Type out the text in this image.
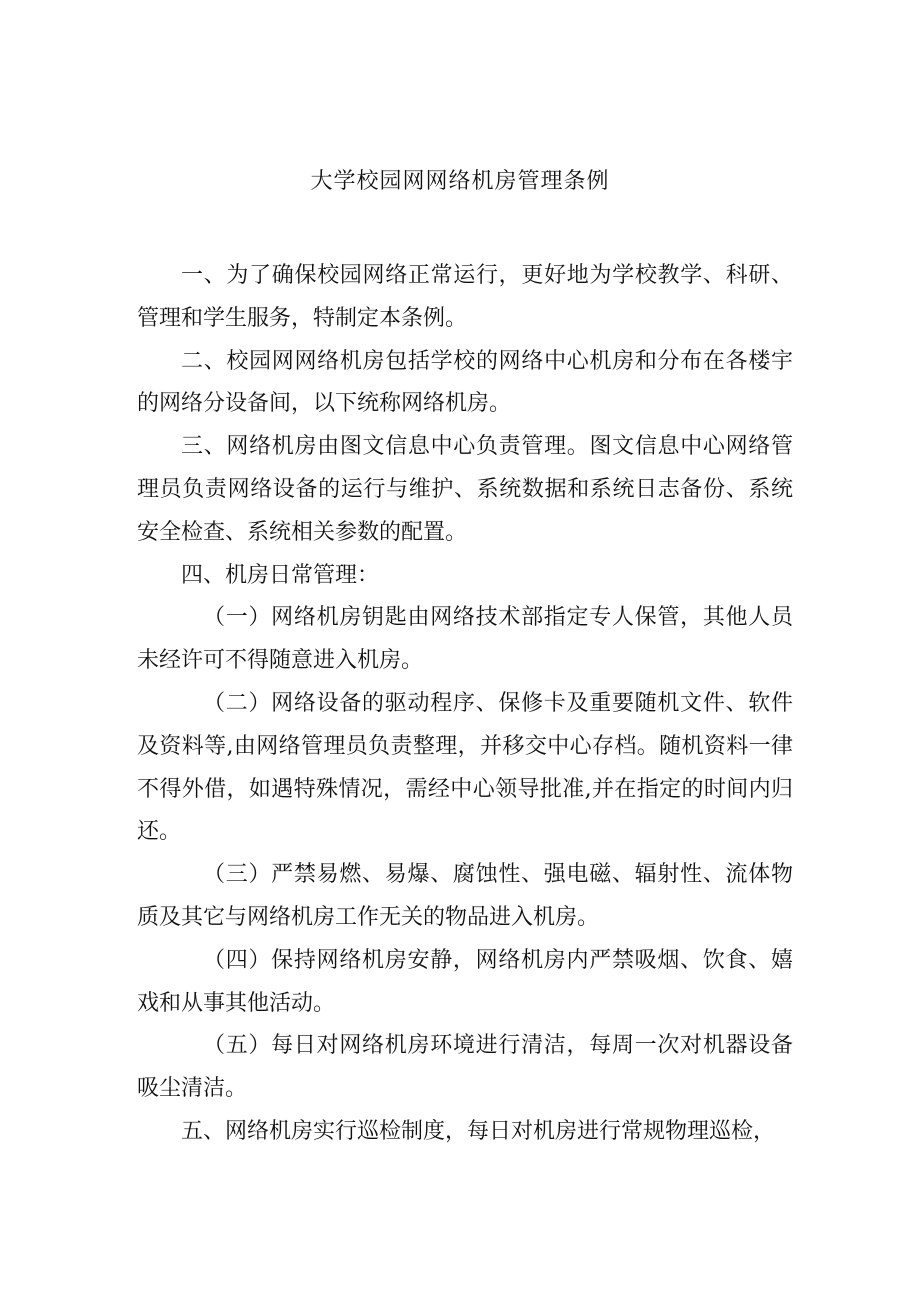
大学校园网网络机房管理条例

一、为了确保校园网络正常运行，更好地为学校教学、科研、管理和学生服务，特制定本条例。

二、校园网网络机房包括学校的网络中心机房和分布在各楼宇的网络分设备间，以下统称网络机房。

三、网络机房由图文信息中心负责管理。图文信息中心网络管理员负责网络设备的运行与维护、系统数据和系统日志备份、系统安全检查、系统相关参数的配置。

四、机房日常管理：

（一）网络机房钥匙由网络技术部指定专人保管，其他人员未经许可不得随意进入机房。

（二）网络设备的驱动程序、保修卡及重要随机文件、软件及资料等,由网络管理员负责整理，并移交中心存档。随机资料一律不得外借，如遇特殊情况，需经中心领导批准,并在指定的时间内归还。

（三）严禁易燃、易爆、腐蚀性、强电磁、辐射性、流体物质及其它与网络机房工作无关的物品进入机房。

（四）保持网络机房安静，网络机房内严禁吸烟、饮食、嬉戏和从事其他活动。

（五）每日对网络机房环境进行清洁，每周一次对机器设备吸尘清洁。

五、网络机房实行巡检制度，每日对机房进行常规物理巡检，
